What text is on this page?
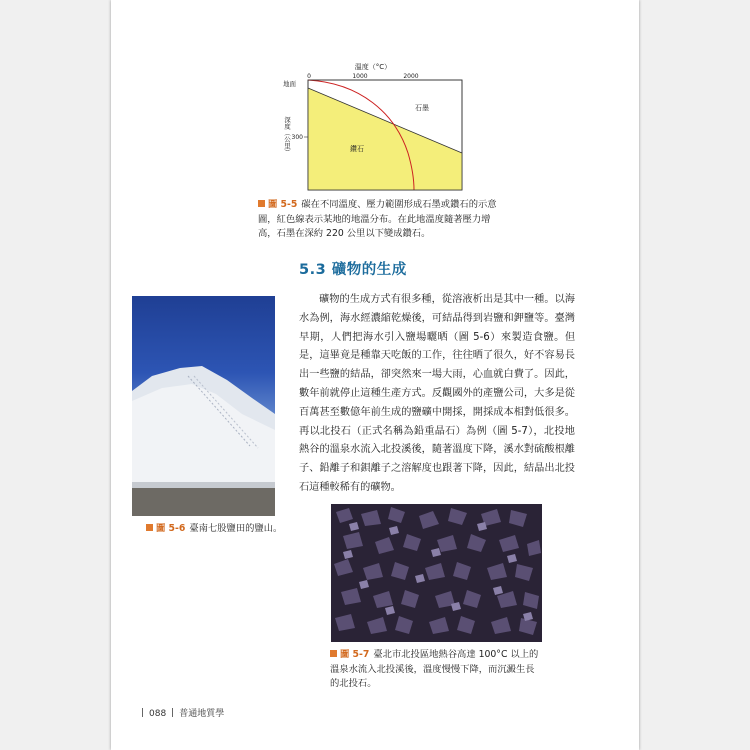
溫度（°C）
0	1000	2000
地面
深度（公里） 300
石墨
鑽石
圖 5-5 碳在不同溫度、壓力範圍形成石墨或鑽石的示意圖，紅色線表示某地的地溫分布。在此地溫度隨著壓力增高，石墨在深約 220 公里以下變成鑽石。
5.3 礦物的生成
圖 5-6 臺南七股鹽田的鹽山。
礦物的生成方式有很多種，從溶液析出是其中一種。以海水為例，海水經濃縮乾燥後，可結晶得到岩鹽和鉀鹽等。臺灣早期，人們把海水引入鹽場曬晒（圖 5-6）來製造食鹽。但是，這畢竟是種靠天吃飯的工作，往往晒了很久，好不容易長出一些鹽的結晶，卻突然來一場大雨，心血就白費了。因此，數年前就停止這種生產方式。反觀國外的產鹽公司，大多是從百萬甚至數億年前生成的鹽礦中開採，開採成本相對低很多。再以北投石（正式名稱為鉛重晶石）為例（圖 5-7），北投地熱谷的溫泉水流入北投溪後，隨著溫度下降，溪水對硫酸根離子、鉛離子和鋇離子之溶解度也跟著下降，因此，結晶出北投石這種較稀有的礦物。
圖 5-7 臺北市北投區地熱谷高達 100°C 以上的溫泉水流入北投溪後，溫度慢慢下降，而沉澱生長的北投石。
088 普通地質學
